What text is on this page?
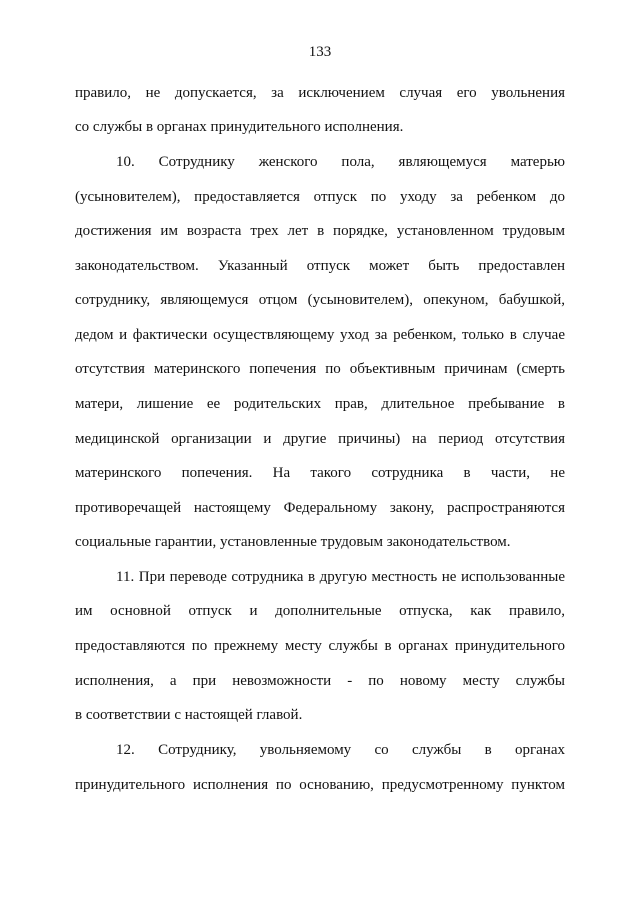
133
правило, не допускается, за исключением случая его увольнения
со службы в органах принудительного исполнения.
10. Сотруднику женского пола, являющемуся матерью
(усыновителем), предоставляется отпуск по уходу за ребенком до
достижения им возраста трех лет в порядке, установленном трудовым
законодательством. Указанный отпуск может быть предоставлен
сотруднику, являющемуся отцом (усыновителем), опекуном, бабушкой,
дедом и фактически осуществляющему уход за ребенком, только в случае
отсутствия материнского попечения по объективным причинам (смерть
матери, лишение ее родительских прав, длительное пребывание в
медицинской организации и другие причины) на период отсутствия
материнского попечения. На такого сотрудника в части, не
противоречащей настоящему Федеральному закону, распространяются
социальные гарантии, установленные трудовым законодательством.
11. При переводе сотрудника в другую местность не использованные
им основной отпуск и дополнительные отпуска, как правило,
предоставляются по прежнему месту службы в органах принудительного
исполнения, а при невозможности - по новому месту службы
в соответствии с настоящей главой.
12. Сотруднику, увольняемому со службы в органах
принудительного исполнения по основанию, предусмотренному пунктом
